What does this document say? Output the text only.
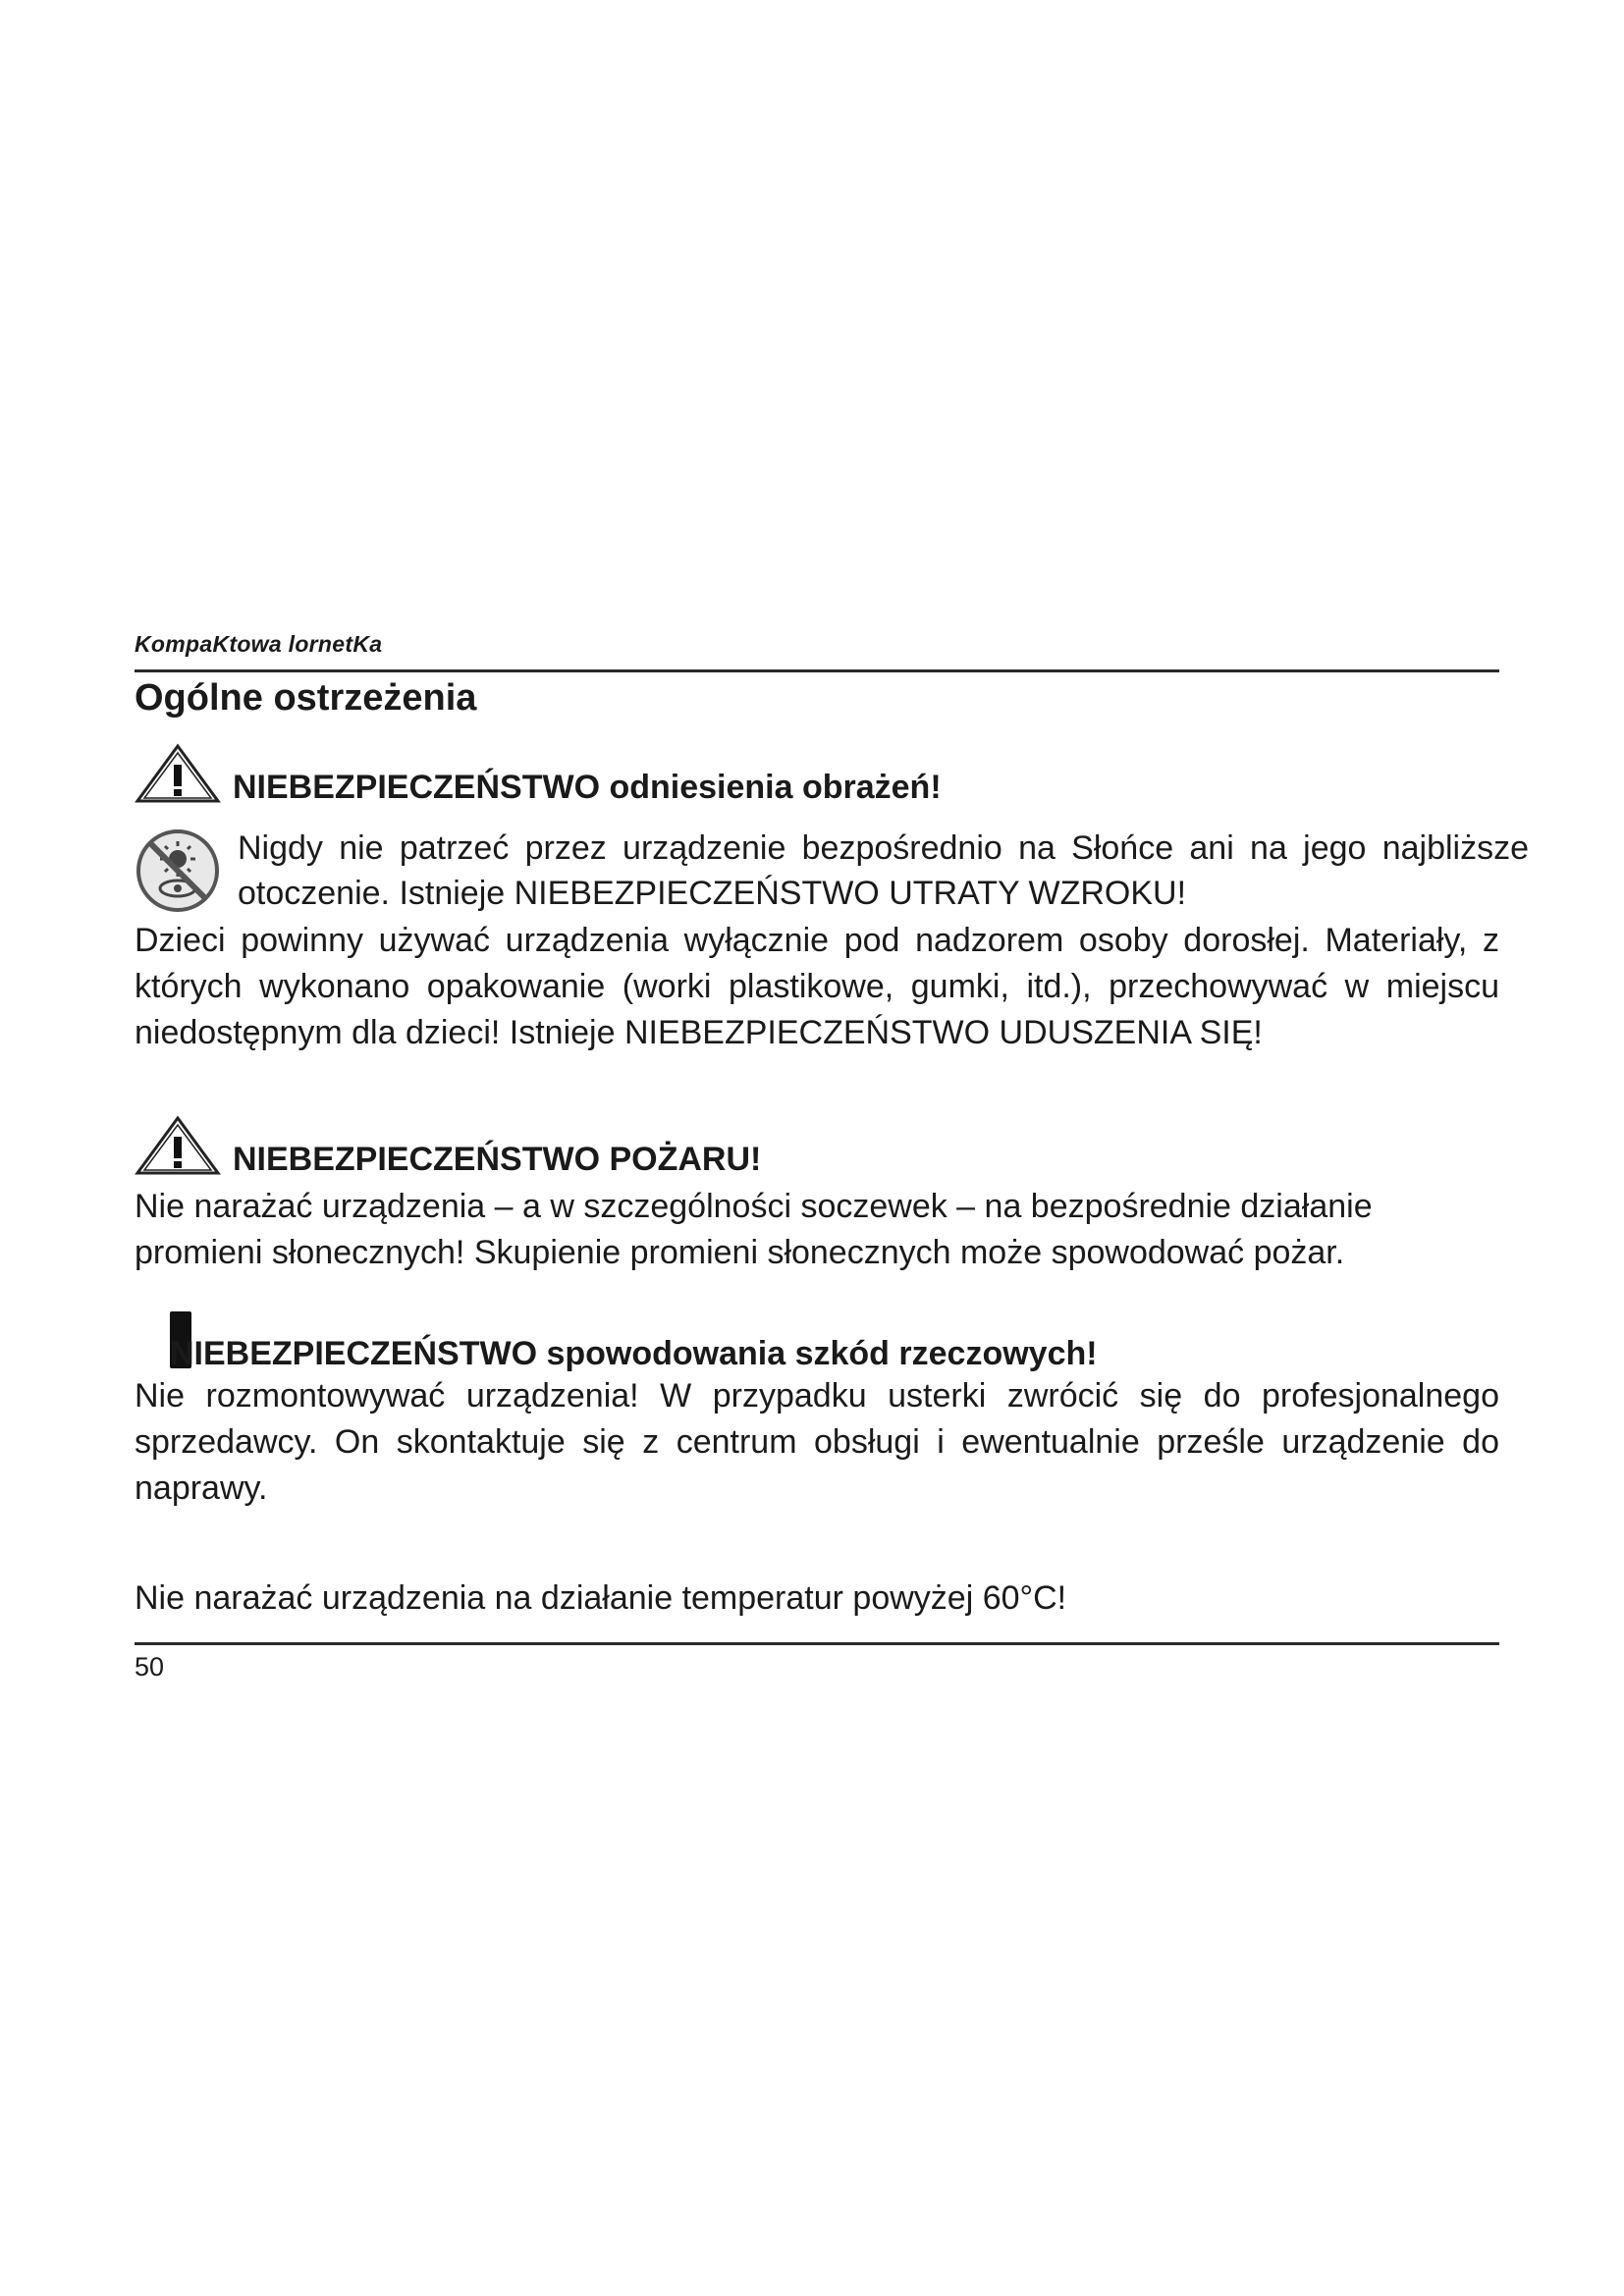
KompaKtowa lornetKa
Ogólne ostrzeżenia
NIEBEZPIECZEŃSTWO odniesienia obrażeń!

Nigdy nie patrzeć przez urządzenie bezpośrednio na Słońce ani na jego najbliższe otoczenie. Istnieje NIEBEZPIECZEŃSTWO UTRATY WZROKU!

Dzieci powinny używać urządzenia wyłącznie pod nadzorem osoby dorosłej. Materiały, z których wykonano opakowanie (worki plastikowe, gumki, itd.), przechowywać w miejscu niedostępnym dla dzieci! Istnieje NIEBEZPIECZEŃSTWO UDUSZENIA SIĘ!

NIEBEZPIECZEŃSTWO POŻARU!

Nie narażać urządzenia – a w szczególności soczewek – na bezpośrednie działanie promieni słonecznych! Skupienie promieni słonecznych może spowodować pożar.

NIEBEZPIECZEŃSTWO spowodowania szkód rzeczowych!

Nie rozmontowywać urządzenia! W przypadku usterki zwrócić się do profesjonalnego sprzedawcy. On skontaktuje się z centrum obsługi i ewentualnie prześle urządzenie do naprawy.

Nie narażać urządzenia na działanie temperatur powyżej 60°C!

50
